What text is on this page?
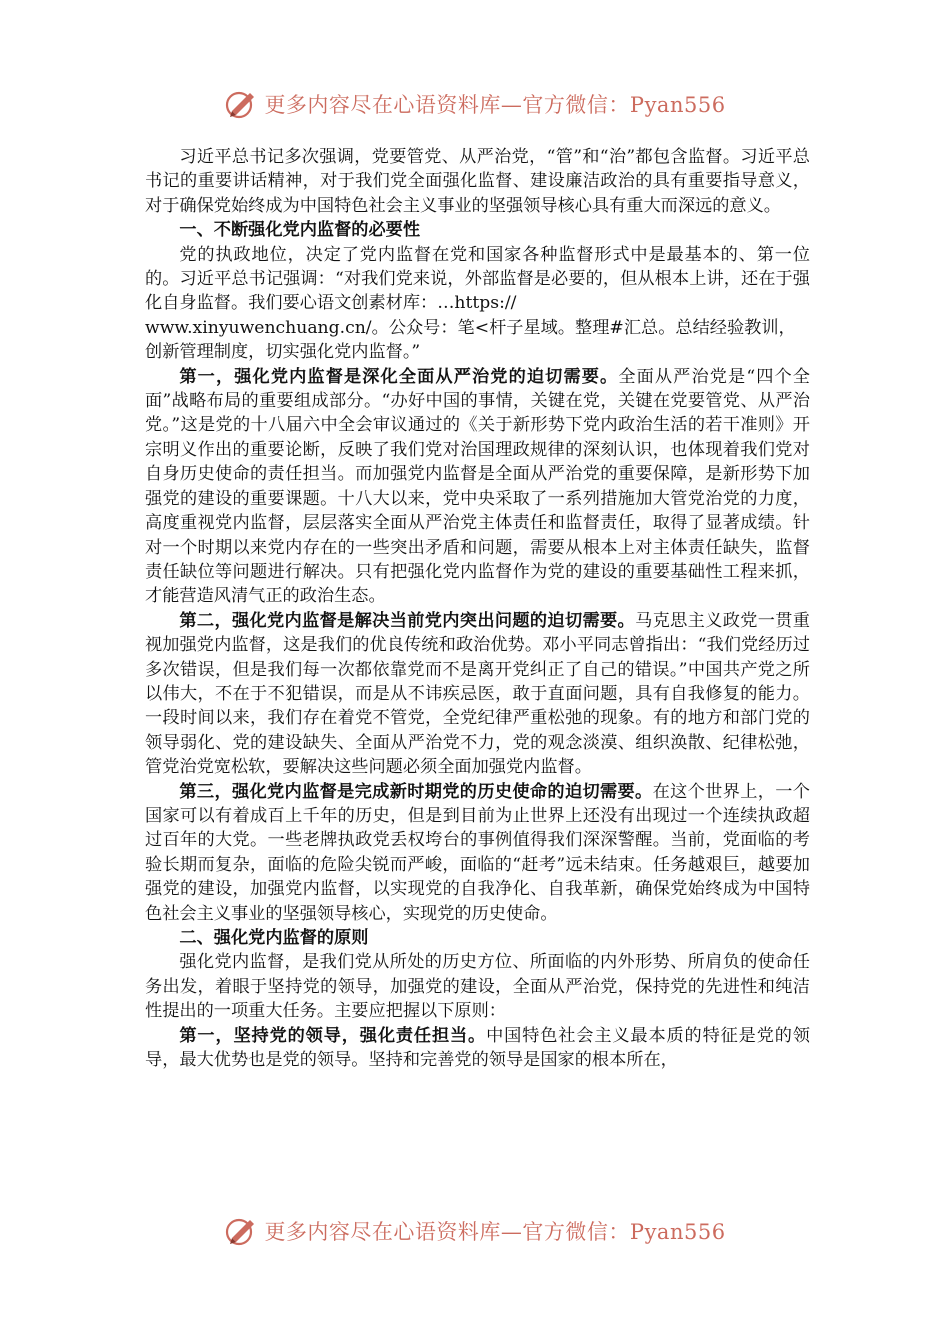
更多内容尽在心语资料库—官方微信：Pyan556

习近平总书记多次强调，党要管党、从严治党，“管”和“治”都包含监督。习近平总书记的重要讲话精神，对于我们党全面强化监督、建设廉洁政治的具有重要指导意义，对于确保党始终成为中国特色社会主义事业的坚强领导核心具有重大而深远的意义。

一、不断强化党内监督的必要性

党的执政地位，决定了党内监督在党和国家各种监督形式中是最基本的、第一位的。习近平总书记强调：“对我们党来说，外部监督是必要的，但从根本上讲，还在于强化自身监督。我们要心语文创素材库：…https://
www.xinyuwenchuang.cn/。公众号：笔<杆子星域。整理#汇总。总结经验教训，
创新管理制度，切实强化党内监督。”

第一，强化党内监督是深化全面从严治党的迫切需要。全面从严治党是“四个全面”战略布局的重要组成部分。“办好中国的事情，关键在党，关键在党要管党、从严治党。”这是党的十八届六中全会审议通过的《关于新形势下党内政治生活的若干准则》开宗明义作出的重要论断，反映了我们党对治国理政规律的深刻认识，也体现着我们党对自身历史使命的责任担当。而加强党内监督是全面从严治党的重要保障，是新形势下加强党的建设的重要课题。十八大以来，党中央采取了一系列措施加大管党治党的力度，高度重视党内监督，层层落实全面从严治党主体责任和监督责任，取得了显著成绩。针对一个时期以来党内存在的一些突出矛盾和问题，需要从根本上对主体责任缺失，监督责任缺位等问题进行解决。只有把强化党内监督作为党的建设的重要基础性工程来抓，才能营造风清气正的政治生态。

第二，强化党内监督是解决当前党内突出问题的迫切需要。马克思主义政党一贯重视加强党内监督，这是我们的优良传统和政治优势。邓小平同志曾指出：“我们党经历过多次错误，但是我们每一次都依靠党而不是离开党纠正了自己的错误。”中国共产党之所以伟大，不在于不犯错误，而是从不讳疾忌医，敢于直面问题，具有自我修复的能力。一段时间以来，我们存在着党不管党，全党纪律严重松弛的现象。有的地方和部门党的领导弱化、党的建设缺失、全面从严治党不力，党的观念淡漠、组织涣散、纪律松弛，管党治党宽松软，要解决这些问题必须全面加强党内监督。

第三，强化党内监督是完成新时期党的历史使命的迫切需要。在这个世界上，一个国家可以有着成百上千年的历史，但是到目前为止世界上还没有出现过一个连续执政超过百年的大党。一些老牌执政党丢权垮台的事例值得我们深深警醒。当前，党面临的考验长期而复杂，面临的危险尖锐而严峻，面临的“赶考”远未结束。任务越艰巨，越要加强党的建设，加强党内监督，以实现党的自我净化、自我革新，确保党始终成为中国特色社会主义事业的坚强领导核心，实现党的历史使命。

二、强化党内监督的原则

强化党内监督，是我们党从所处的历史方位、所面临的内外形势、所肩负的使命任务出发，着眼于坚持党的领导，加强党的建设，全面从严治党，保持党的先进性和纯洁性提出的一项重大任务。主要应把握以下原则：

第一，坚持党的领导，强化责任担当。中国特色社会主义最本质的特征是党的领导，最大优势也是党的领导。坚持和完善党的领导是国家的根本所在，

更多内容尽在心语资料库—官方微信：Pyan556
